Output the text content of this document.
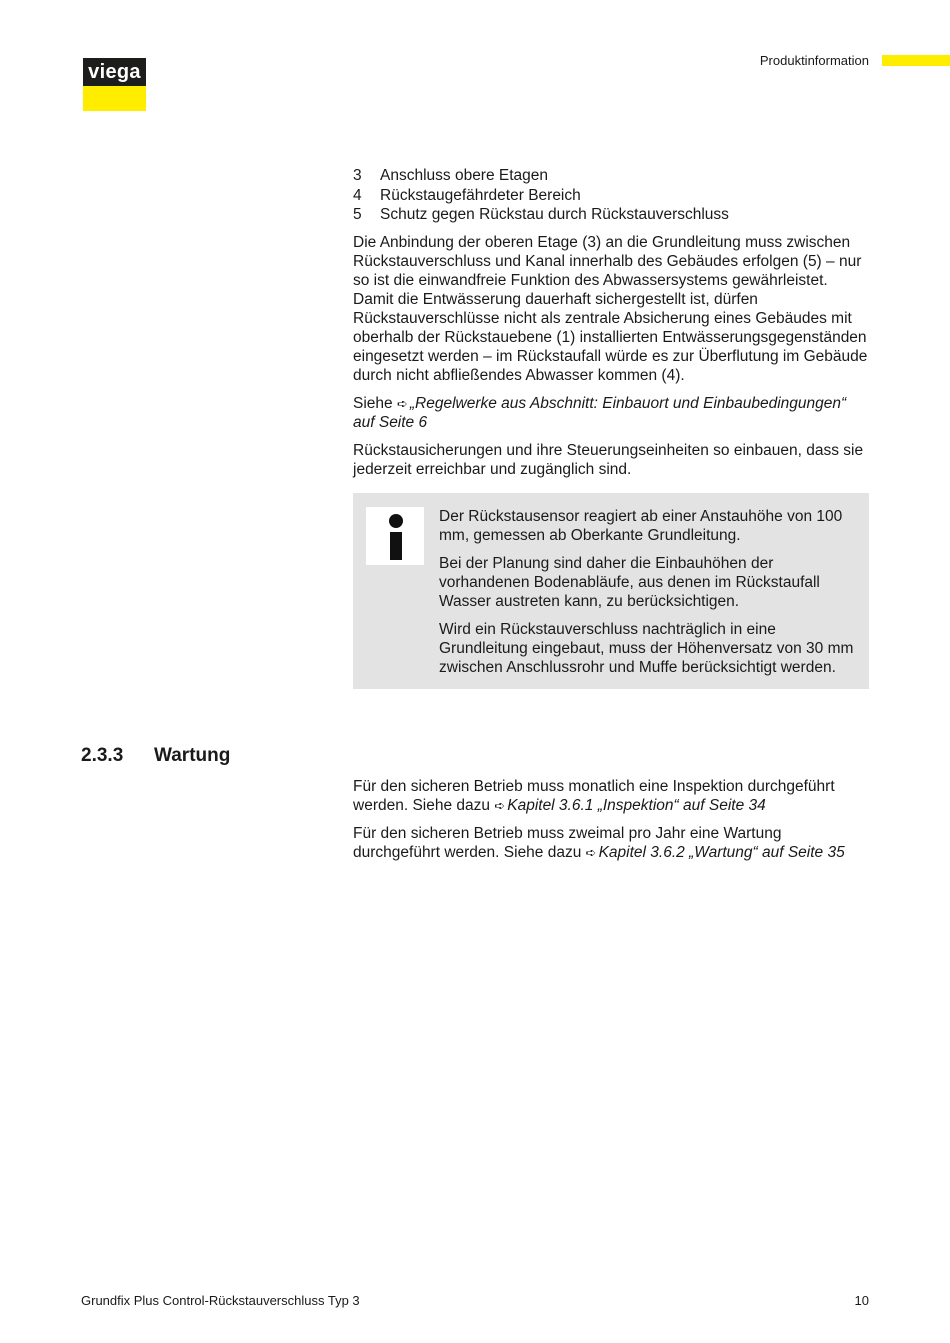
viega
Produktinformation
3	Anschluss obere Etagen
4	Rückstaugefährdeter Bereich
5	Schutz gegen Rückstau durch Rückstauverschluss

Die Anbindung der oberen Etage (3) an die Grundleitung muss zwischen Rückstauverschluss und Kanal innerhalb des Gebäudes erfolgen (5) – nur so ist die einwandfreie Funktion des Abwassersystems gewährleistet. Damit die Entwässerung dauerhaft sichergestellt ist, dürfen Rückstauverschlüsse nicht als zentrale Absicherung eines Gebäudes mit oberhalb der Rückstauebene (1) installierten Entwässerungsgegenständen eingesetzt werden – im Rückstaufall würde es zur Überflutung im Gebäude durch nicht abfließendes Abwasser kommen (4).

Siehe ➪ „Regelwerke aus Abschnitt: Einbauort und Einbaubedingungen“ auf Seite 6

Rückstausicherungen und ihre Steuerungseinheiten so einbauen, dass sie jederzeit erreichbar und zugänglich sind.

Der Rückstausensor reagiert ab einer Anstauhöhe von 100 mm, gemessen ab Oberkante Grundleitung.

Bei der Planung sind daher die Einbauhöhen der vorhandenen Bodenabläufe, aus denen im Rückstaufall Wasser austreten kann, zu berücksichtigen.

Wird ein Rückstauverschluss nachträglich in eine Grundleitung eingebaut, muss der Höhenversatz von 30 mm zwischen Anschlussrohr und Muffe berücksichtigt werden.

2.3.3 Wartung

Für den sicheren Betrieb muss monatlich eine Inspektion durchgeführt werden. Siehe dazu ➪ Kapitel 3.6.1 „Inspektion“ auf Seite 34

Für den sicheren Betrieb muss zweimal pro Jahr eine Wartung durchgeführt werden. Siehe dazu ➪ Kapitel 3.6.2 „Wartung“ auf Seite 35

Grundfix Plus Control-Rückstauverschluss Typ 3	10
